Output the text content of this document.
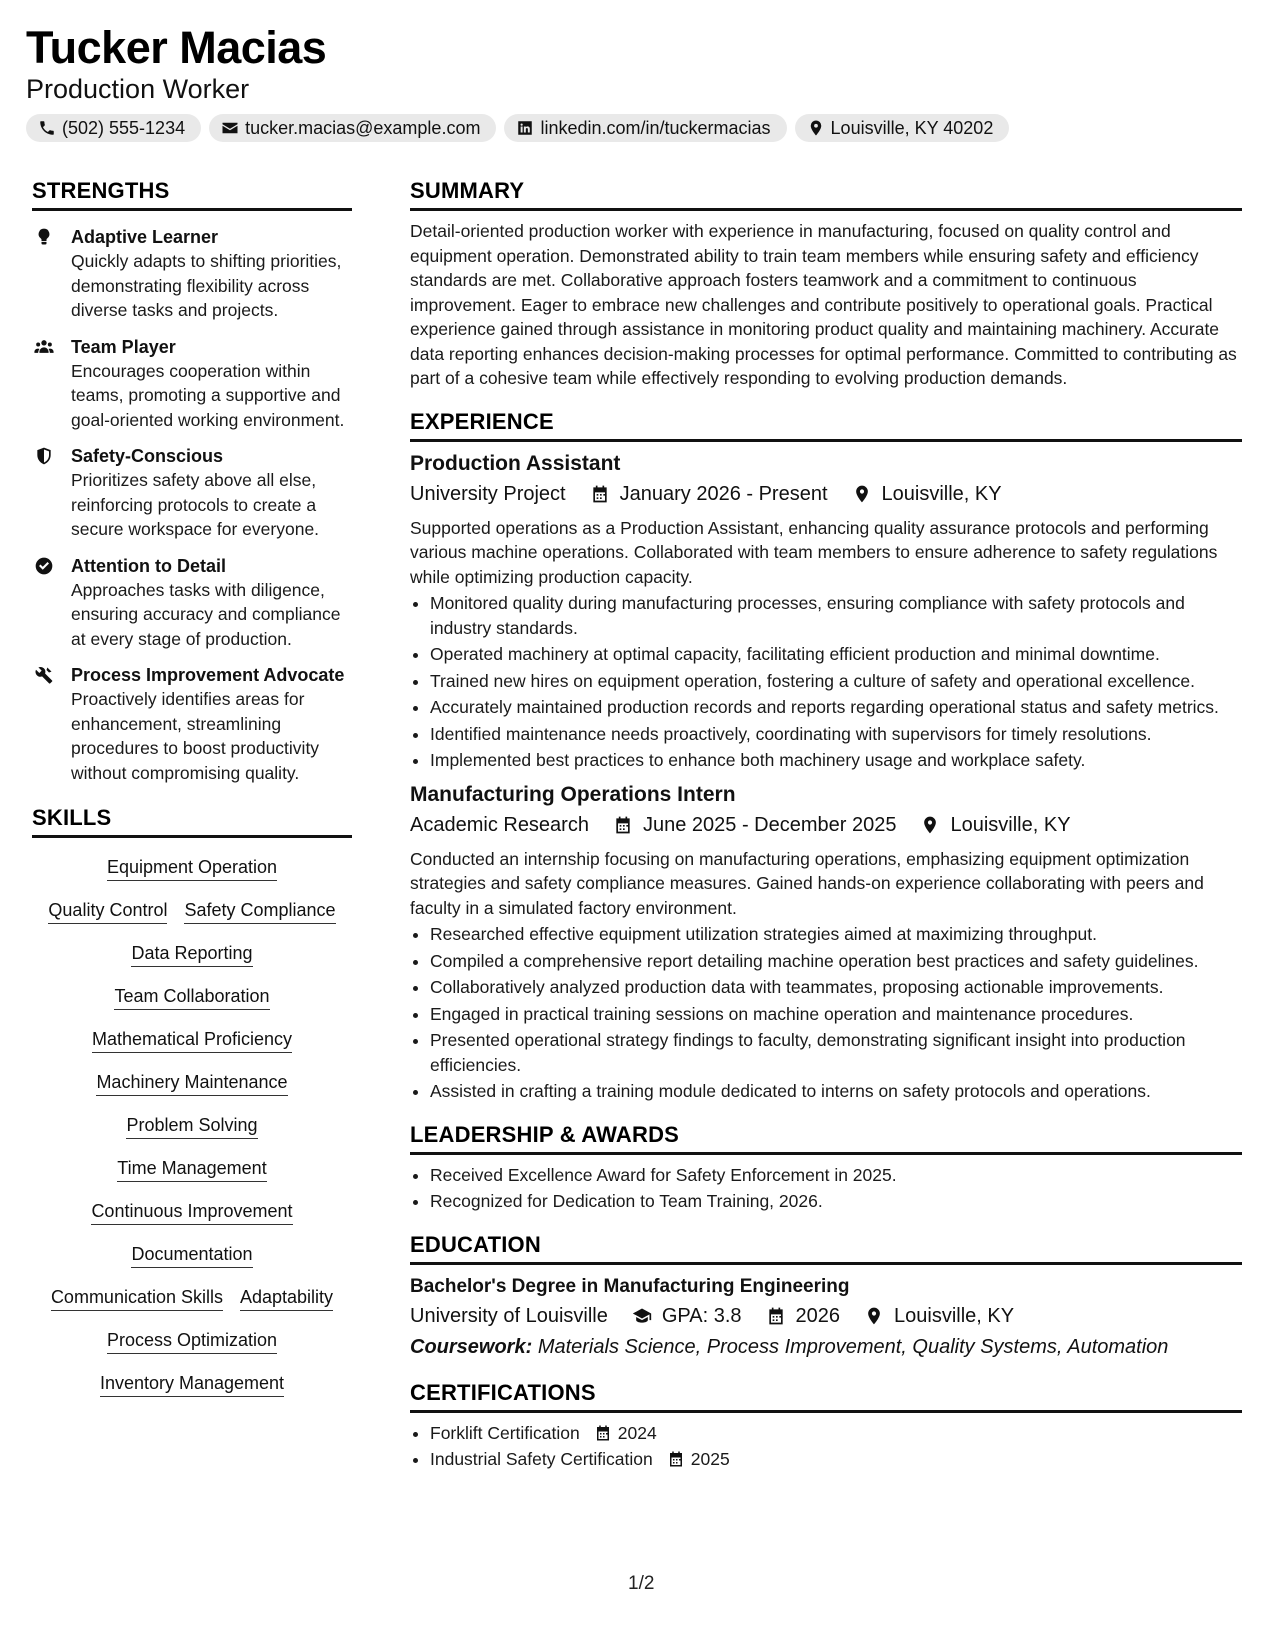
Tucker Macias
Production Worker
(502) 555-1234	tucker.macias@example.com	linkedin.com/in/tuckermacias	Louisville, KY 40202
STRENGTHS
Adaptive Learner
Quickly adapts to shifting priorities, demonstrating flexibility across diverse tasks and projects.
Team Player
Encourages cooperation within teams, promoting a supportive and goal-oriented working environment.
Safety-Conscious
Prioritizes safety above all else, reinforcing protocols to create a secure workspace for everyone.
Attention to Detail
Approaches tasks with diligence, ensuring accuracy and compliance at every stage of production.
Process Improvement Advocate
Proactively identifies areas for enhancement, streamlining procedures to boost productivity without compromising quality.
SKILLS
Equipment Operation
Quality Control Safety Compliance
Data Reporting
Team Collaboration
Mathematical Proficiency
Machinery Maintenance
Problem Solving
Time Management
Continuous Improvement
Documentation
Communication Skills Adaptability
Process Optimization
Inventory Management
SUMMARY
Detail-oriented production worker with experience in manufacturing, focused on quality control and equipment operation. Demonstrated ability to train team members while ensuring safety and efficiency standards are met. Collaborative approach fosters teamwork and a commitment to continuous improvement. Eager to embrace new challenges and contribute positively to operational goals. Practical experience gained through assistance in monitoring product quality and maintaining machinery. Accurate data reporting enhances decision-making processes for optimal performance. Committed to contributing as part of a cohesive team while effectively responding to evolving production demands.
EXPERIENCE
Production Assistant
University Project	January 2026 - Present	Louisville, KY
Supported operations as a Production Assistant, enhancing quality assurance protocols and performing various machine operations. Collaborated with team members to ensure adherence to safety regulations while optimizing production capacity.
• Monitored quality during manufacturing processes, ensuring compliance with safety protocols and industry standards.
• Operated machinery at optimal capacity, facilitating efficient production and minimal downtime.
• Trained new hires on equipment operation, fostering a culture of safety and operational excellence.
• Accurately maintained production records and reports regarding operational status and safety metrics.
• Identified maintenance needs proactively, coordinating with supervisors for timely resolutions.
• Implemented best practices to enhance both machinery usage and workplace safety.
Manufacturing Operations Intern
Academic Research	June 2025 - December 2025	Louisville, KY
Conducted an internship focusing on manufacturing operations, emphasizing equipment optimization strategies and safety compliance measures. Gained hands-on experience collaborating with peers and faculty in a simulated factory environment.
• Researched effective equipment utilization strategies aimed at maximizing throughput.
• Compiled a comprehensive report detailing machine operation best practices and safety guidelines.
• Collaboratively analyzed production data with teammates, proposing actionable improvements.
• Engaged in practical training sessions on machine operation and maintenance procedures.
• Presented operational strategy findings to faculty, demonstrating significant insight into production efficiencies.
• Assisted in crafting a training module dedicated to interns on safety protocols and operations.
LEADERSHIP & AWARDS
• Received Excellence Award for Safety Enforcement in 2025.
• Recognized for Dedication to Team Training, 2026.
EDUCATION
Bachelor's Degree in Manufacturing Engineering
University of Louisville	GPA: 3.8	2026	Louisville, KY
Coursework: Materials Science, Process Improvement, Quality Systems, Automation
CERTIFICATIONS
• Forklift Certification 2024
• Industrial Safety Certification 2025
1/2
